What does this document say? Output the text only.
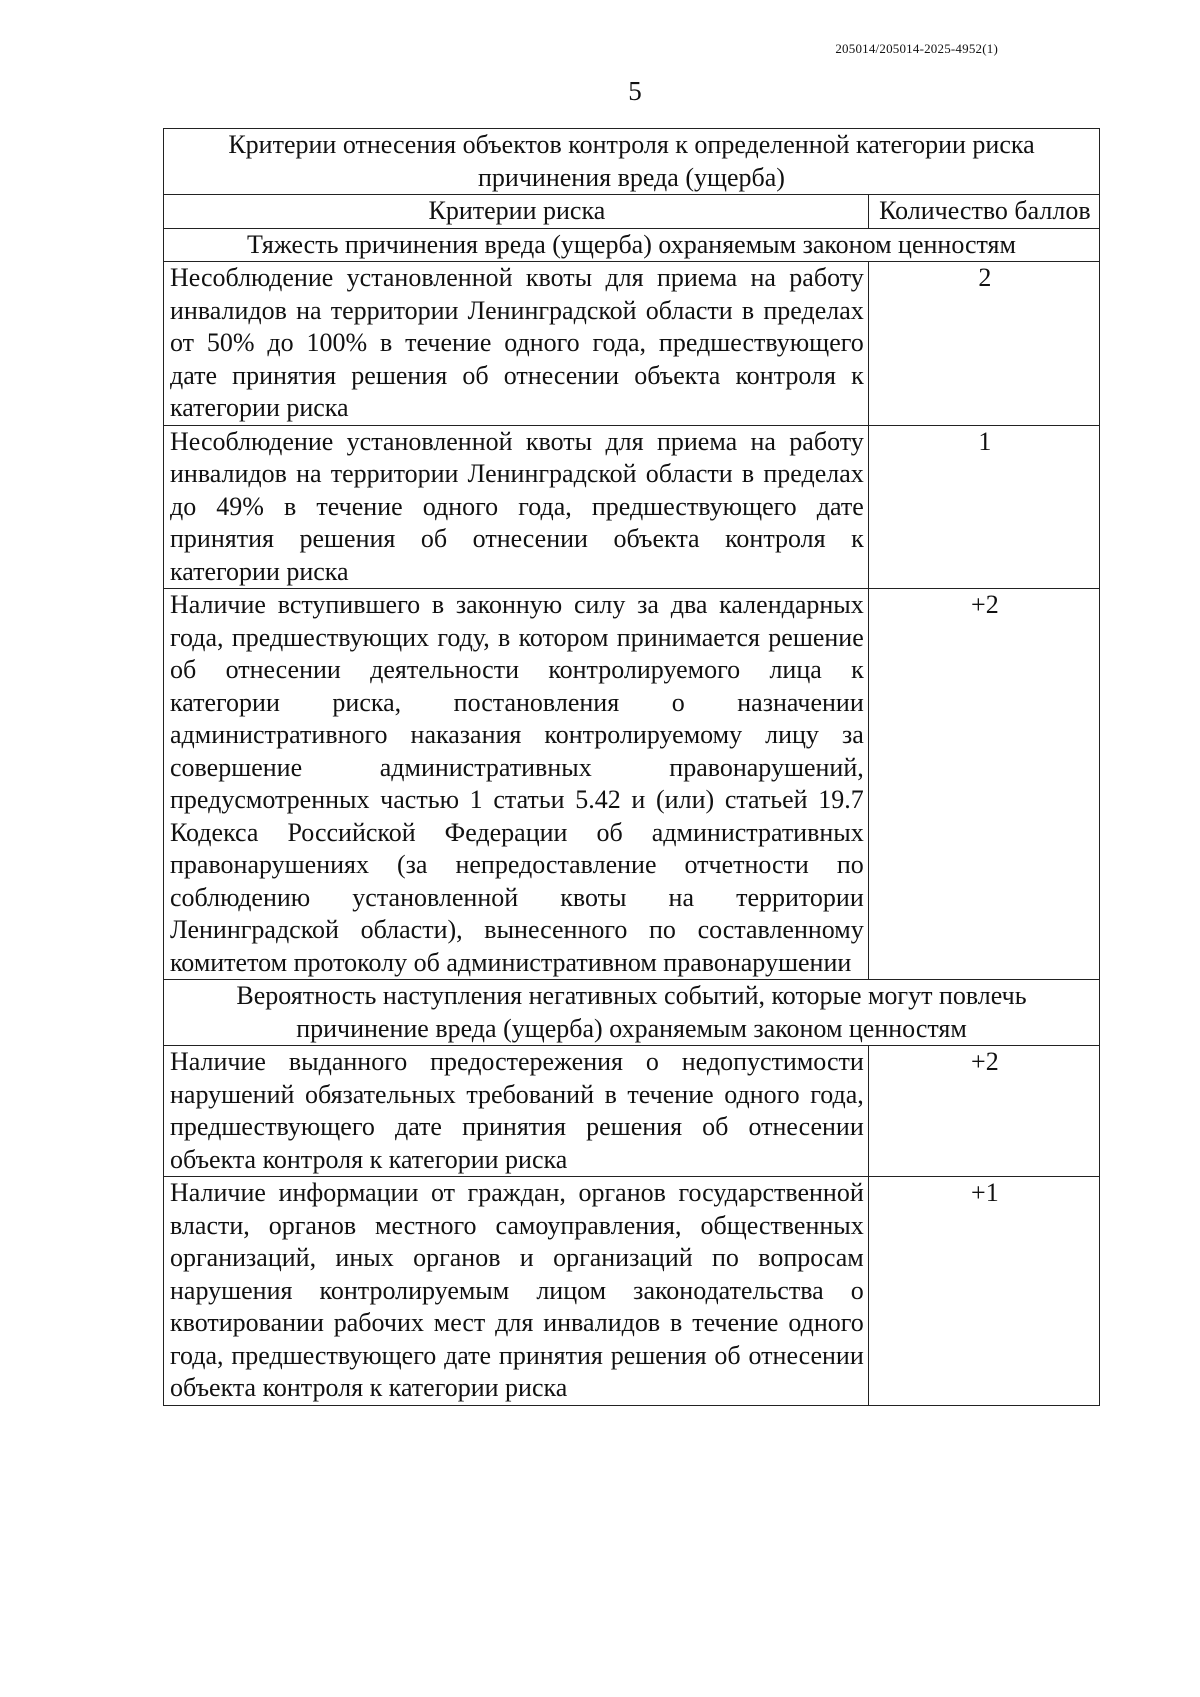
205014/205014-2025-4952(1)
5
Критерии отнесения объектов контроля к определенной категории риска причинения вреда (ущерба)	
Критерии риска	Количество баллов
Тяжесть причинения вреда (ущерба) охраняемым законом ценностям	
Несоблюдение установленной квоты для приема на работу инвалидов на территории Ленинградской области в пределах от 50% до 100% в течение одного года, предшествующего дате принятия решения об отнесении объекта контроля к категории риска	2
Несоблюдение установленной квоты для приема на работу инвалидов на территории Ленинградской области в пределах до 49% в течение одного года, предшествующего дате принятия решения об отнесении объекта контроля к категории риска	1
Наличие вступившего в законную силу за два календарных года, предшествующих году, в котором принимается решение об отнесении деятельности контролируемого лица к категории риска, постановления о назначении административного наказания контролируемому лицу за совершение административных правонарушений, предусмотренных частью 1 статьи 5.42 и (или) статьей 19.7 Кодекса Российской Федерации об административных правонарушениях (за непредоставление отчетности по соблюдению установленной квоты на территории Ленинградской области), вынесенного по составленному комитетом протоколу об административном правонарушении	+2
Вероятность наступления негативных событий, которые могут повлечь причинение вреда (ущерба) охраняемым законом ценностям	
Наличие выданного предостережения о недопустимости нарушений обязательных требований в течение одного года, предшествующего дате принятия решения об отнесении объекта контроля к категории риска	+2
Наличие информации от граждан, органов государственной власти, органов местного самоуправления, общественных организаций, иных органов и организаций по вопросам нарушения контролируемым лицом законодательства о квотировании рабочих мест для инвалидов в течение одного года, предшествующего дате принятия решения об отнесении объекта контроля к категории риска	+1
